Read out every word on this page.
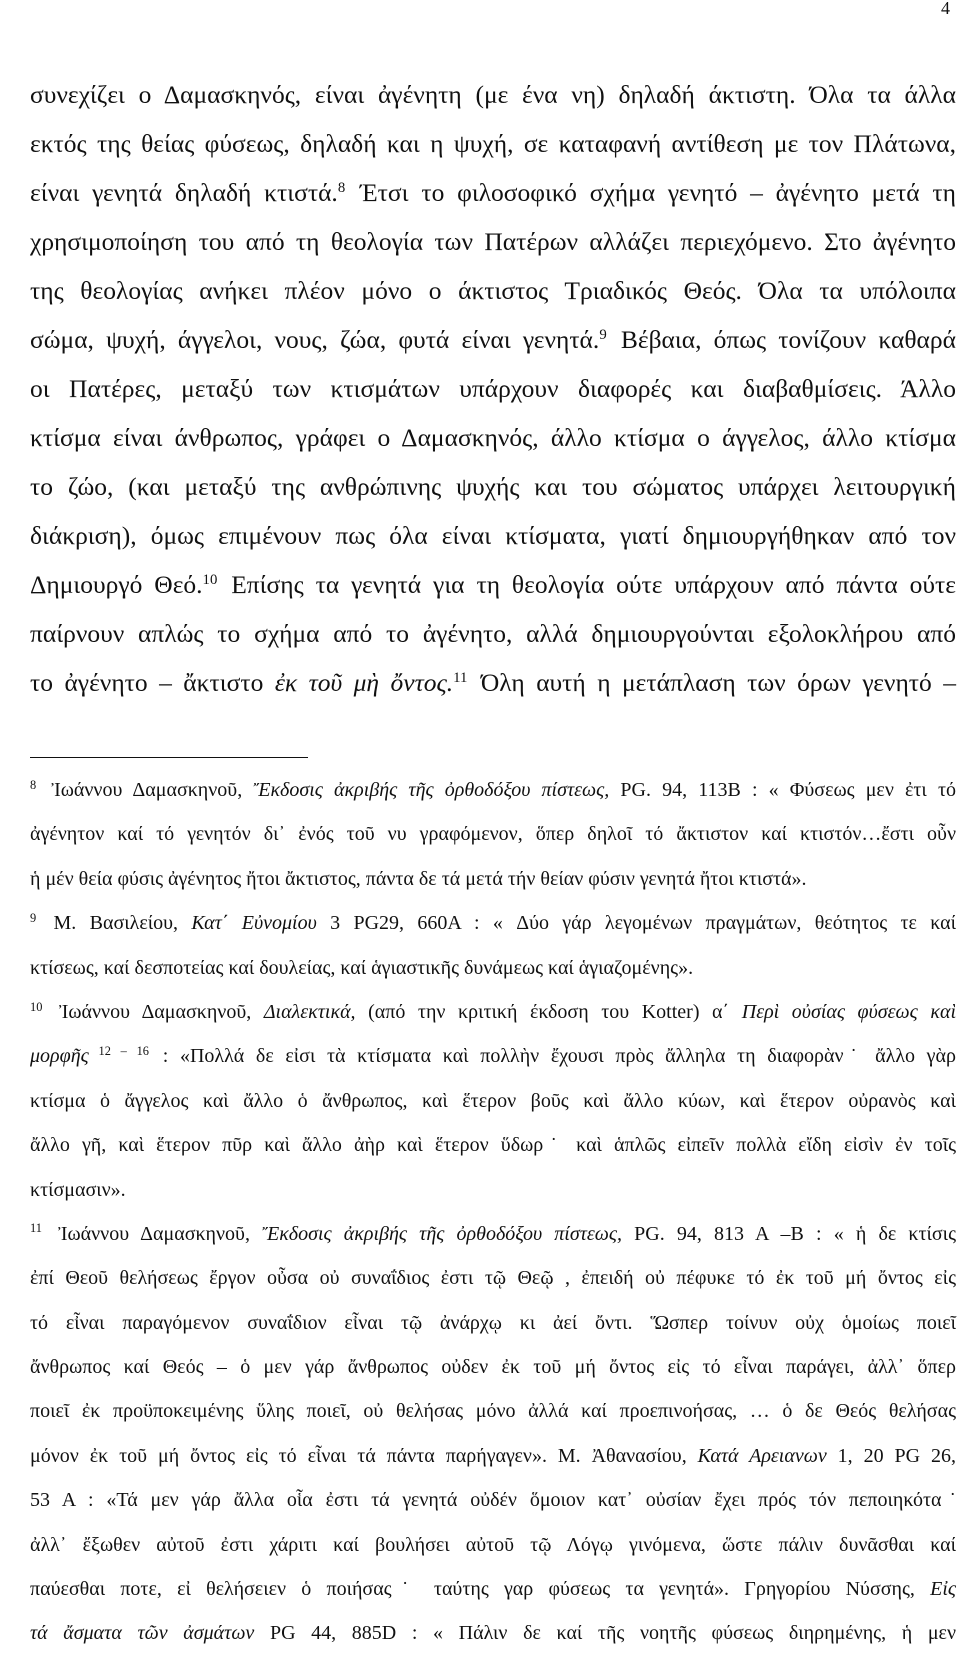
4
συνεχίζει ο Δαμασκηνός, είναι ἀγένητη (με ένα νη) δηλαδή άκτιστη. Όλα τα άλλα
εκτός της θείας φύσεως, δηλαδή και η ψυχή, σε καταφανή αντίθεση με τον Πλάτωνα,
είναι γενητά δηλαδή κτιστά.$^8$ Έτσι το φιλοσοφικό σχήμα γενητό – ἀγένητο μετά τη
χρησιμοποίηση του από τη θεολογία των Πατέρων αλλάζει περιεχόμενο. Στο ἀγένητο
της θεολογίας ανήκει πλέον μόνο ο άκτιστος Τριαδικός Θεός. Όλα τα υπόλοιπα
σώμα, ψυχή, άγγελοι, νους, ζώα, φυτά είναι γενητά.$^9$ Βέβαια, όπως τονίζουν καθαρά
οι Πατέρες, μεταξύ των κτισμάτων υπάρχουν διαφορές και διαβαθμίσεις. Άλλο
κτίσμα είναι άνθρωπος, γράφει ο Δαμασκηνός, άλλο κτίσμα ο άγγελος, άλλο κτίσμα
το ζώο, (και μεταξύ της ανθρώπινης ψυχής και του σώματος υπάρχει λειτουργική
διάκριση), όμως επιμένουν πως όλα είναι κτίσματα, γιατί δημιουργήθηκαν από τον
Δημιουργό Θεό.$^{10}$ Επίσης τα γενητά για τη θεολογία ούτε υπάρχουν από πάντα ούτε
παίρνουν απλώς το σχήμα από το ἀγένητο, αλλά δημιουργούνται εξολοκλήρου από
το ἀγένητο – ἄκτιστο ἐκ τοῦ μὴ ὄντος.$^{11}$ Όλη αυτή η μετάπλαση των όρων γενητό –
$^8$ Ἰωάννου Δαμασκηνοῦ, Ἔκδοσις ἀκριβής τῆς ὀρθοδόξου πίστεως, PG. 94, 113B : « Φύσεως μεν ἐτι τό
ἀγένητον καί τό γενητόν δι᾽ ἐνός τοῦ νυ γραφόμενον, ὅπερ δηλοῖ τό ἄκτιστον καί κτιστόν…ἔστι οὖν
ἡ μέν θεία φύσις ἀγένητος ἤτοι ἄκτιστος, πάντα δε τά μετά τήν θείαν φύσιν γενητά ἤτοι κτιστά».
$^9$ Μ. Βασιλείου, Κατ΄ Εὐνομίου 3 PG29, 660A : « Δύο γάρ λεγομένων πραγμάτων, θεότητος τε καί
κτίσεως, καί δεσποτείας καί δουλείας, καί ἁγιαστικῆς δυνάμεως καί ἁγιαζομένης».
$^{10}$ Ἰωάννου Δαμασκηνοῦ, Διαλεκτικά, (από την κριτική έκδοση του Kotter) α΄ Περὶ οὐσίας φύσεως καὶ
μορφῆς $^{12 - 16}$ : «Πολλά δε εἰσι τὰ κτίσματα καὶ πολλὴν ἔχουσι πρὸς ἄλληλα τη διαφορὰν˙ ἄλλο γὰρ
κτίσμα ὁ ἄγγελος καὶ ἄλλο ὁ ἄνθρωπος, καὶ ἕτερον βοῦς καὶ ἄλλο κύων, καὶ ἕτερον οὐρανὸς καὶ
ἄλλο γῆ, καὶ ἕτερον πῦρ καὶ ἄλλο ἀὴρ καὶ ἕτερον ὕδωρ˙ καὶ ἁπλῶς εἰπεῖν πολλὰ εἴδη εἰσὶν ἐν τοῖς
κτίσμασιν».
$^{11}$ Ἰωάννου Δαμασκηνοῦ, Ἔκδοσις ἀκριβής τῆς ὀρθοδόξου πίστεως, PG. 94, 813 A –B : « ἡ δε κτίσις
ἐπί Θεοῦ θελήσεως ἔργον οὖσα οὐ συναΐδιος ἐστι τῷ Θεῷ , ἐπειδή οὐ πέφυκε τό ἐκ τοῦ μή ὄντος εἰς
τό εἶναι παραγόμενον συναΐδιον εἶναι τῷ ἀνάρχῳ κι ἀεί ὄντι. Ὥσπερ τοίνυν οὐχ ὁμοίως ποιεῖ
ἄνθρωπος καί Θεός – ὁ μεν γάρ ἄνθρωπος οὐδεν ἐκ τοῦ μή ὄντος εἰς τό εἶναι παράγει, ἀλλ᾽ ὅπερ
ποιεῖ ἐκ προϋποκειμένης ὕλης ποιεῖ, οὐ θελήσας μόνο ἀλλά καί προεπινοήσας, … ὁ δε Θεός θελήσας
μόνον ἐκ τοῦ μή ὄντος εἰς τό εἶναι τά πάντα παρήγαγεν». Μ. Ἀθανασίου, Κατά Αρειανων 1, 20 PG 26,
53 A : «Τά μεν γάρ ἄλλα οἷα ἐστι τά γενητά οὐδέν ὅμοιον κατ᾽ οὐσίαν ἔχει πρός τόν πεποιηκότα˙
ἀλλ᾽ ἔξωθεν αὐτοῦ ἐστι χάριτι καί βουλήσει αὐτοῦ τῷ Λόγῳ γινόμενα, ὥστε πάλιν δυνᾶσθαι καί
παύεσθαι ποτε, εἰ θελήσειεν ὁ ποιήσας˙ ταύτης γαρ φύσεως τα γενητά». Γρηγορίου Νύσσης, Εἰς
τά ἄσματα τῶν ἀσμάτων PG 44, 885D : « Πάλιν δε καί τῆς νοητῆς φύσεως διηρημένης, ἡ μεν
